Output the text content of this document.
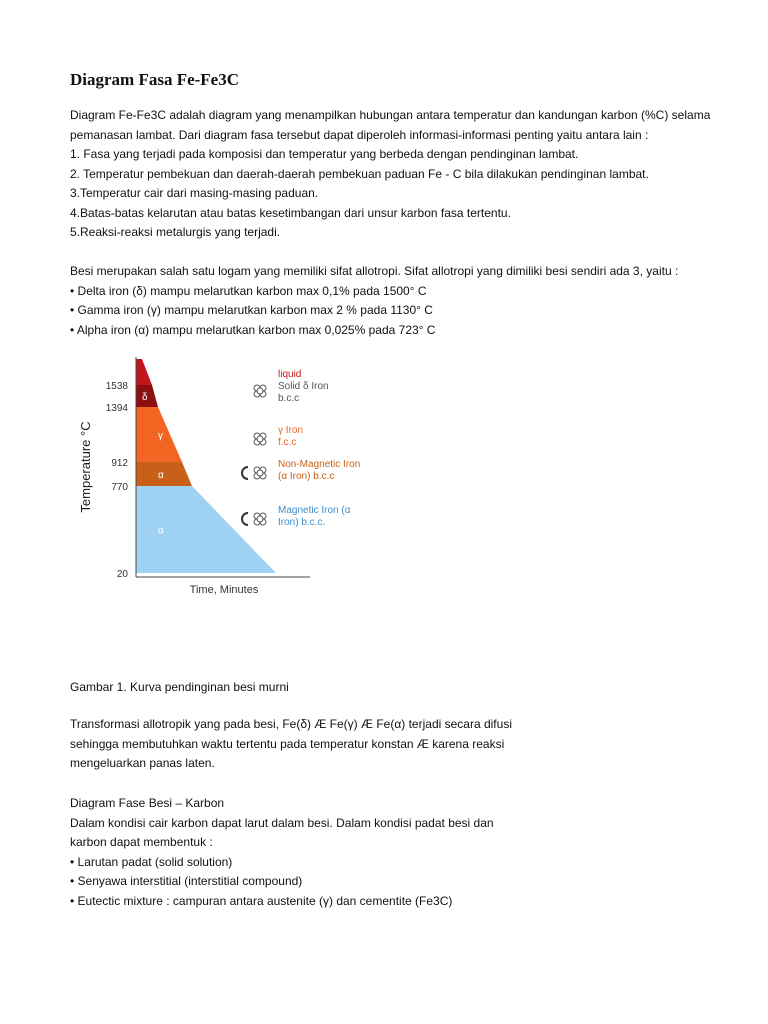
Diagram Fasa Fe-Fe3C
Diagram Fe-Fe3C adalah diagram yang menampilkan hubungan antara temperatur dan kandungan karbon (%C) selama
pemanasan lambat. Dari diagram fasa tersebut dapat diperoleh informasi-informasi penting yaitu antara lain :
1. Fasa yang terjadi pada komposisi dan temperatur yang berbeda dengan pendinginan lambat.
2. Temperatur pembekuan dan daerah-daerah pembekuan paduan Fe - C bila dilakukan pendinginan lambat.
3.Temperatur cair dari masing-masing paduan.
4.Batas-batas kelarutan atau batas kesetimbangan dari unsur karbon fasa tertentu.
5.Reaksi-reaksi metalurgis yang terjadi.
Besi merupakan salah satu logam yang memiliki sifat allotropi. Sifat allotropi yang dimiliki besi sendiri ada 3, yaitu :
• Delta iron (δ) mampu melarutkan karbon max 0,1% pada 1500° C
• Gamma iron (γ) mampu melarutkan karbon max 2 % pada 1130° C
• Alpha iron (α) mampu melarutkan karbon max 0,025% pada 723° C
δ
γ
α
α
1538
1394
912
770
20
Temperature °C
Time, Minutes
liquid
Solid δ Iron
b.c.c
γ Iron
f.c.c
Non-Magnetic Iron
(α Iron) b.c.c
Magnetic Iron (α
Iron) b.c.c.
Gambar 1. Kurva pendinginan besi murni
Transformasi allotropik yang pada besi, Fe(δ) Æ Fe(γ) Æ Fe(α) terjadi secara difusi
sehingga membutuhkan waktu tertentu pada temperatur konstan Æ karena reaksi
mengeluarkan panas laten.
Diagram Fase Besi – Karbon
Dalam kondisi cair karbon dapat larut dalam besi. Dalam kondisi padat besi dan
karbon dapat membentuk :
• Larutan padat (solid solution)
• Senyawa interstitial (interstitial compound)
• Eutectic mixture : campuran antara austenite (γ) dan cementite (Fe3C)
